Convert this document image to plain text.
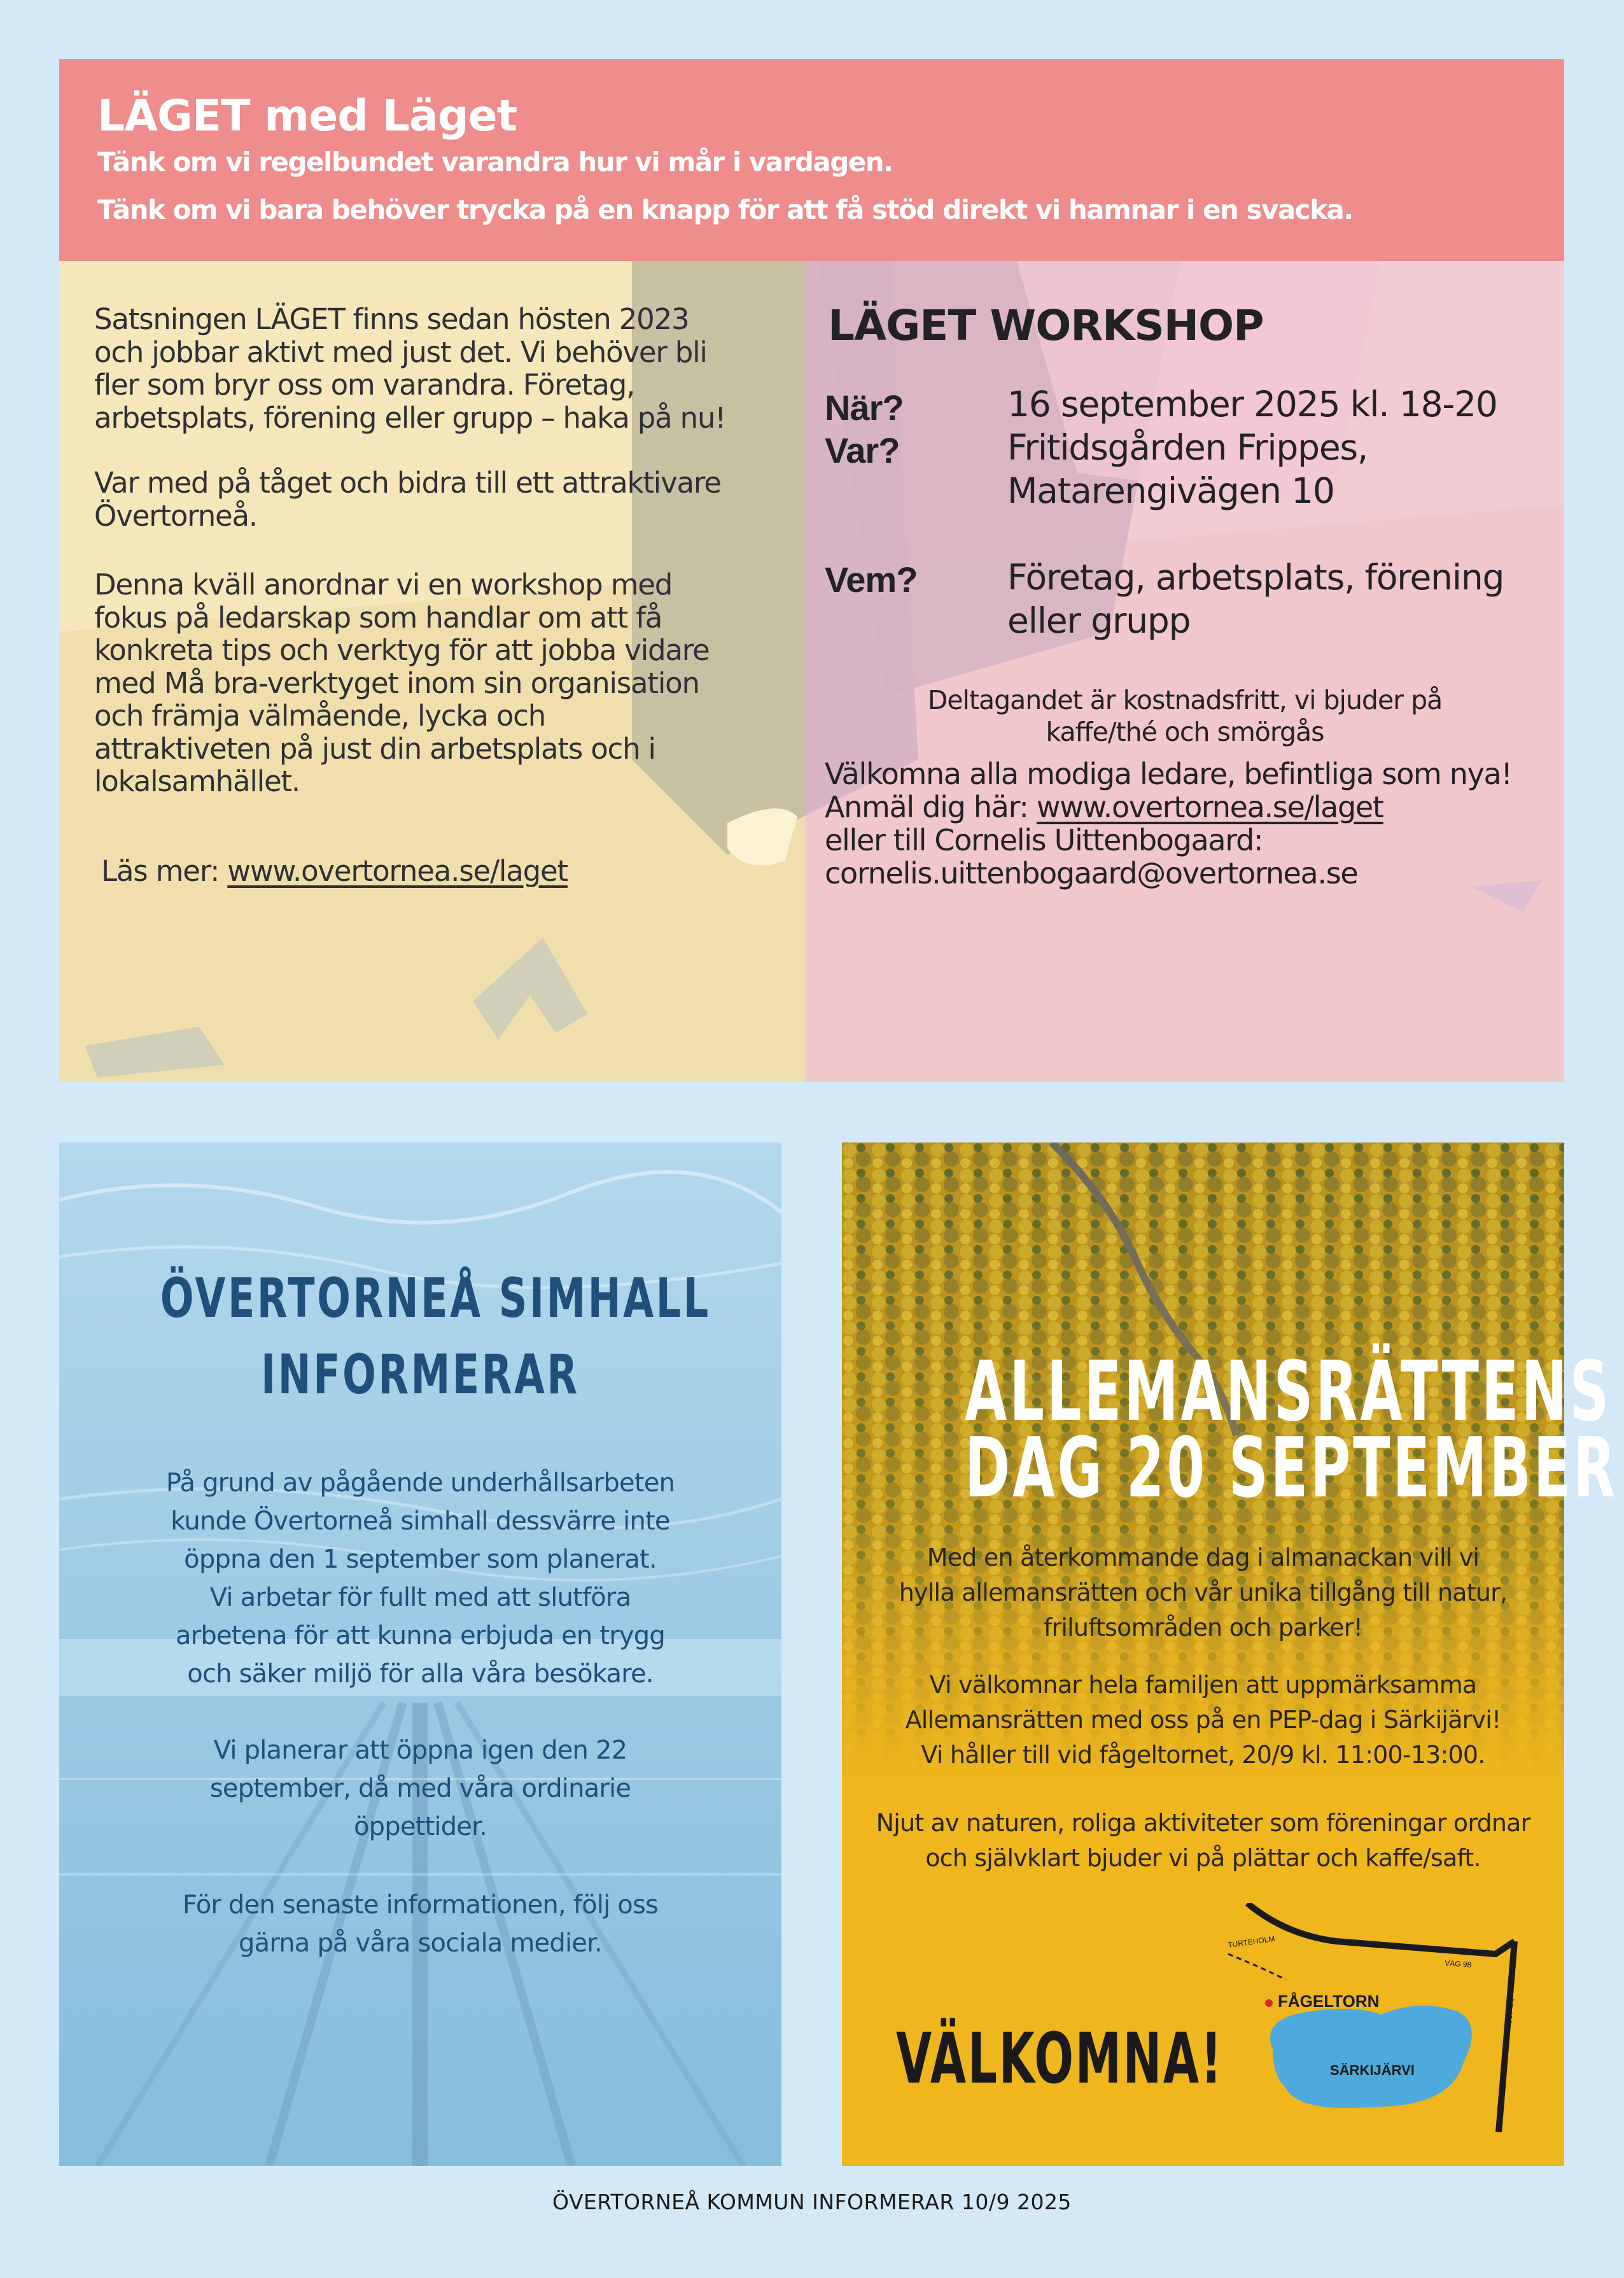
LÄGET med Läget

Tänk om vi regelbundet varandra hur vi mår i vardagen.

Tänk om vi bara behöver trycka på en knapp för att få stöd direkt vi hamnar i en svacka.

Satsningen LÄGET finns sedan hösten 2023
och jobbar aktivt med just det. Vi behöver bli
fler som bryr oss om varandra. Företag,
arbetsplats, förening eller grupp – haka på nu!

Var med på tåget och bidra till ett attraktivare
Övertorneå.

Denna kväll anordnar vi en workshop med
fokus på ledarskap som handlar om att få
konkreta tips och verktyg för att jobba vidare
med Må bra-verktyget inom sin organisation
och främja välmående, lycka och
attraktiveten på just din arbetsplats och i
lokalsamhället.

Läs mer: www.overtornea.se/laget

LÄGET WORKSHOP

När?

Var?

Vem?

16 september 2025 kl. 18-20

Fritidsgården Frippes,
Matarengivägen 10

Företag, arbetsplats, förening
eller grupp

Deltagandet är kostnadsfritt, vi bjuder på
kaffe/thé och smörgås

Välkomna alla modiga ledare, befintliga som nya!
Anmäl dig här: www.overtornea.se/laget
eller till Cornelis Uittenbogaard:
cornelis.uittenbogaard@overtornea.se
ÖVERTORNEÅ SIMHALL
INFORMERAR

På grund av pågående underhållsarbeten
kunde Övertorneå simhall dessvärre inte
öppna den 1 september som planerat.
Vi arbetar för fullt med att slutföra
arbetena för att kunna erbjuda en trygg
och säker miljö för alla våra besökare.

Vi planerar att öppna igen den 22
september, då med våra ordinarie
öppettider.

För den senaste informationen, följ oss
gärna på våra sociala medier.

ALLEMANSRÄTTENS
DAG 20 SEPTEMBER

Med en återkommande dag i almanackan vill vi
hylla allemansrätten och vår unika tillgång till natur,
friluftsområden och parker!

Vi välkomnar hela familjen att uppmärksamma
Allemansrätten med oss på en PEP-dag i Särkijärvi!
Vi håller till vid fågeltornet, 20/9 kl. 11:00-13:00.

Njut av naturen, roliga aktiviteter som föreningar ordnar
och självklart bjuder vi på plättar och kaffe/saft.

VÄLKOMNA!

FÅGELTORN
SÄRKIJÄRVI
TURTEHOLM
VÄG 98
VÄG 404

ÖVERTORNEÅ KOMMUN INFORMERAR 10/9 2025
